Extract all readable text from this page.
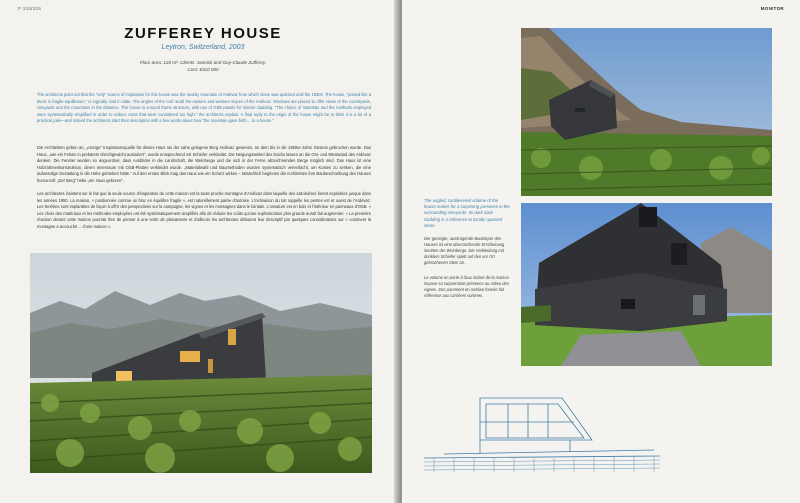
P 316/326
ZUFFEREY HOUSE
Leytron, Switzerland, 2003
Floor area: 120 m². Clients: Jannick and Guy-Claude Zufferey.
Cost: €310 000
The architects point out that the "only" source of inspiration for this house was the nearby mountain of Ardévaz from which stone was quarried until the 1950s. The house, "poised like a block in fragile equilibrium," is logically clad in slate. The angles of the roof recall the eastern and western slopes of the Ardévaz. Windows are placed to offer views of the countryside, vineyards and the mountains in the distance. The house is a wood frame structure, with use of OSB panels for interior cladding. "The choice of materials and the methods employed were systematically simplified in order to reduce costs that were considered too high," the architects explain. A final reply to the origin of the house might be to think it is a bit of a practical joke—and indeed the architects start their description with a few words about how "the mountain gave birth… to a house."
Die Architekten geben an, „einzige" Inspirationsquelle für dieses Haus sei der nahe gelegene Berg Ardévaz gewesen, an dem bis in die 1950er-Jahre Gestein gebrochen wurde. Das Haus, „wie ein Felsen in prekärem Gleichgewicht austariert", wurde entsprechend mit Schiefer verkleidet. Die Neigungswinkel des Dachs lassen an die Ost- und Westwand des Ardévaz denken. Die Fenster wurden so angeordnet, dass Ausblicke in die Landschaft, die Weinberge und die sich in der Ferne abzeichnenden Berge möglich sind. Das Haus ist eine Holzrahmenkonstruktion, deren Innenraum mit OSB-Platten verkleidet wurde. „Materialwahl und Baumethoden wurden systematisch vereinfacht, um Kosten zu senken, die eine aufwendige Gestaltung in die Höhe getrieben hätte." Auf den ersten Blick mag das Haus wie ein Scherz wirken – tatsächlich beginnen die Architekten ihre Baubeschreibung des Hauses humorvoll: „Der Berg" hebe „ein Haus geboren".
Les architectes insistent sur le fait que la seule source d'inspiration de cette maison est la toute proche montagne d'Ardévaz dans laquelle des ardoisières furent exploitées jusque dans les années 1950. La maison, « positionnée comme un bloc en équilibre fragile », est naturellement parée d'ardoise. L'inclinaison du toit rappelle les pentes est et ouest de l'Ardévaz. Les fenêtres sont implantées de façon à offrir des perspectives sur la campagne, les vignes et les montagnes dans le lointain. L'ossature est en bois et l'intérieur en panneaux d'OSB. « Les choix des matériaux et les méthodes employées ont été systématiquement simplifiés afin de réduire les coûts qu'une sophistication plus grande aurait fait augmenter. » La première réaction devant cette maison pourrait être de penser à une sorte de plaisanterie et d'ailleurs les architectes débutent leur descriptif par quelques considérations sur « comment la montagne a accouché… d'une maison ».
MONITOR
The angled, cantilevered volume of the house makes for a surprising presence in the surrounding vineyards. Its dark slate cladding is a reference to locally quarried stone.
Der geneigte, auskragende Baukörper des Hauses ist eine überraschende Erscheinung inmitten der Weinberge. Die Verkleidung mit dunklem Schiefer spielt auf den vor Ort gebrochenen Stein an.
Le volume en porte-à-faux incliné de la maison impose sa surprenante présence au milieu des vignes. Son parement en ardoise foncée fait référence aux carrières voisines.
